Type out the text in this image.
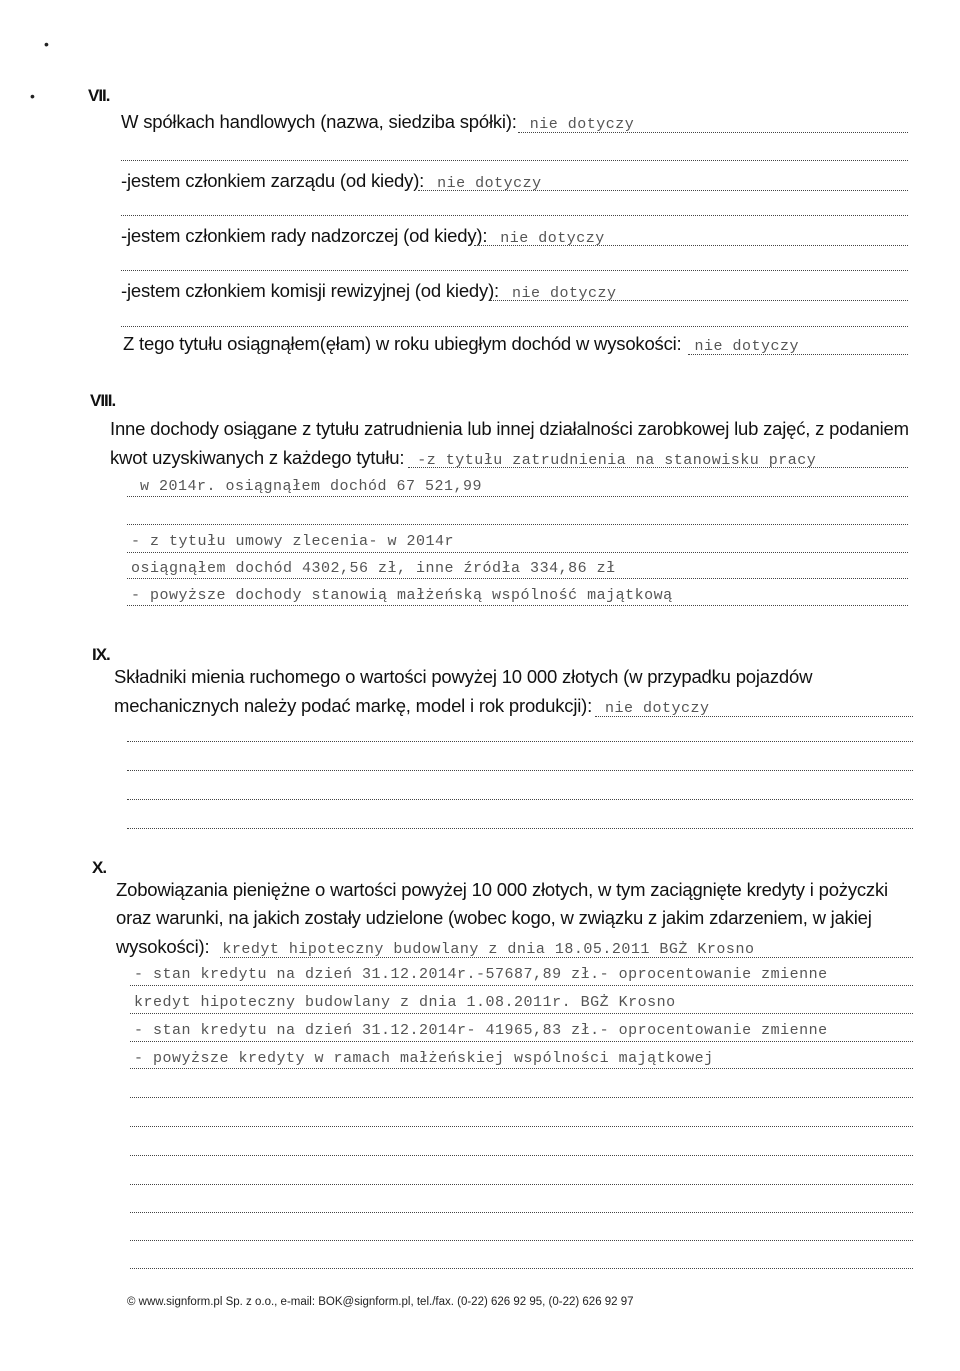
•
•	VII.
W spółkach handlowych (nazwa, siedziba spółki): nie dotyczy
-jestem członkiem zarządu (od kiedy): nie dotyczy
-jestem członkiem rady nadzorczej (od kiedy): nie dotyczy
-jestem członkiem komisji rewizyjnej (od kiedy): nie dotyczy
Z tego tytułu osiągnąłem(ęłam) w roku ubiegłym dochód w wysokości: nie dotyczy
VIII.
Inne dochody osiągane z tytułu zatrudnienia lub innej działalności zarobkowej lub zajęć, z podaniem
kwot uzyskiwanych z każdego tytułu: -z tytułu zatrudnienia na stanowisku pracy
w 2014r. osiągnąłem dochód 67 521,99
- z tytułu umowy zlecenia- w 2014r
osiągnąłem dochód 4302,56 zł, inne źródła 334,86 zł
- powyższe dochody stanowią małżeńską wspólność majątkową
IX.
Składniki mienia ruchomego o wartości powyżej 10 000 złotych (w przypadku pojazdów
mechanicznych należy podać markę, model i rok produkcji): nie dotyczy
X.
Zobowiązania pieniężne o wartości powyżej 10 000 złotych, w tym zaciągnięte kredyty i pożyczki
oraz warunki, na jakich zostały udzielone (wobec kogo, w związku z jakim zdarzeniem, w jakiej
wysokości): kredyt hipoteczny budowlany z dnia 18.05.2011 BGŻ Krosno
- stan kredytu na dzień 31.12.2014r.-57687,89 zł.- oprocentowanie zmienne
kredyt hipoteczny budowlany z dnia 1.08.2011r. BGŻ Krosno
- stan kredytu na dzień 31.12.2014r- 41965,83 zł.- oprocentowanie zmienne
- powyższe kredyty w ramach małżeńskiej wspólności majątkowej
© www.signform.pl Sp. z o.o., e-mail: BOK@signform.pl, tel./fax. (0-22) 626 92 95, (0-22) 626 92 97
